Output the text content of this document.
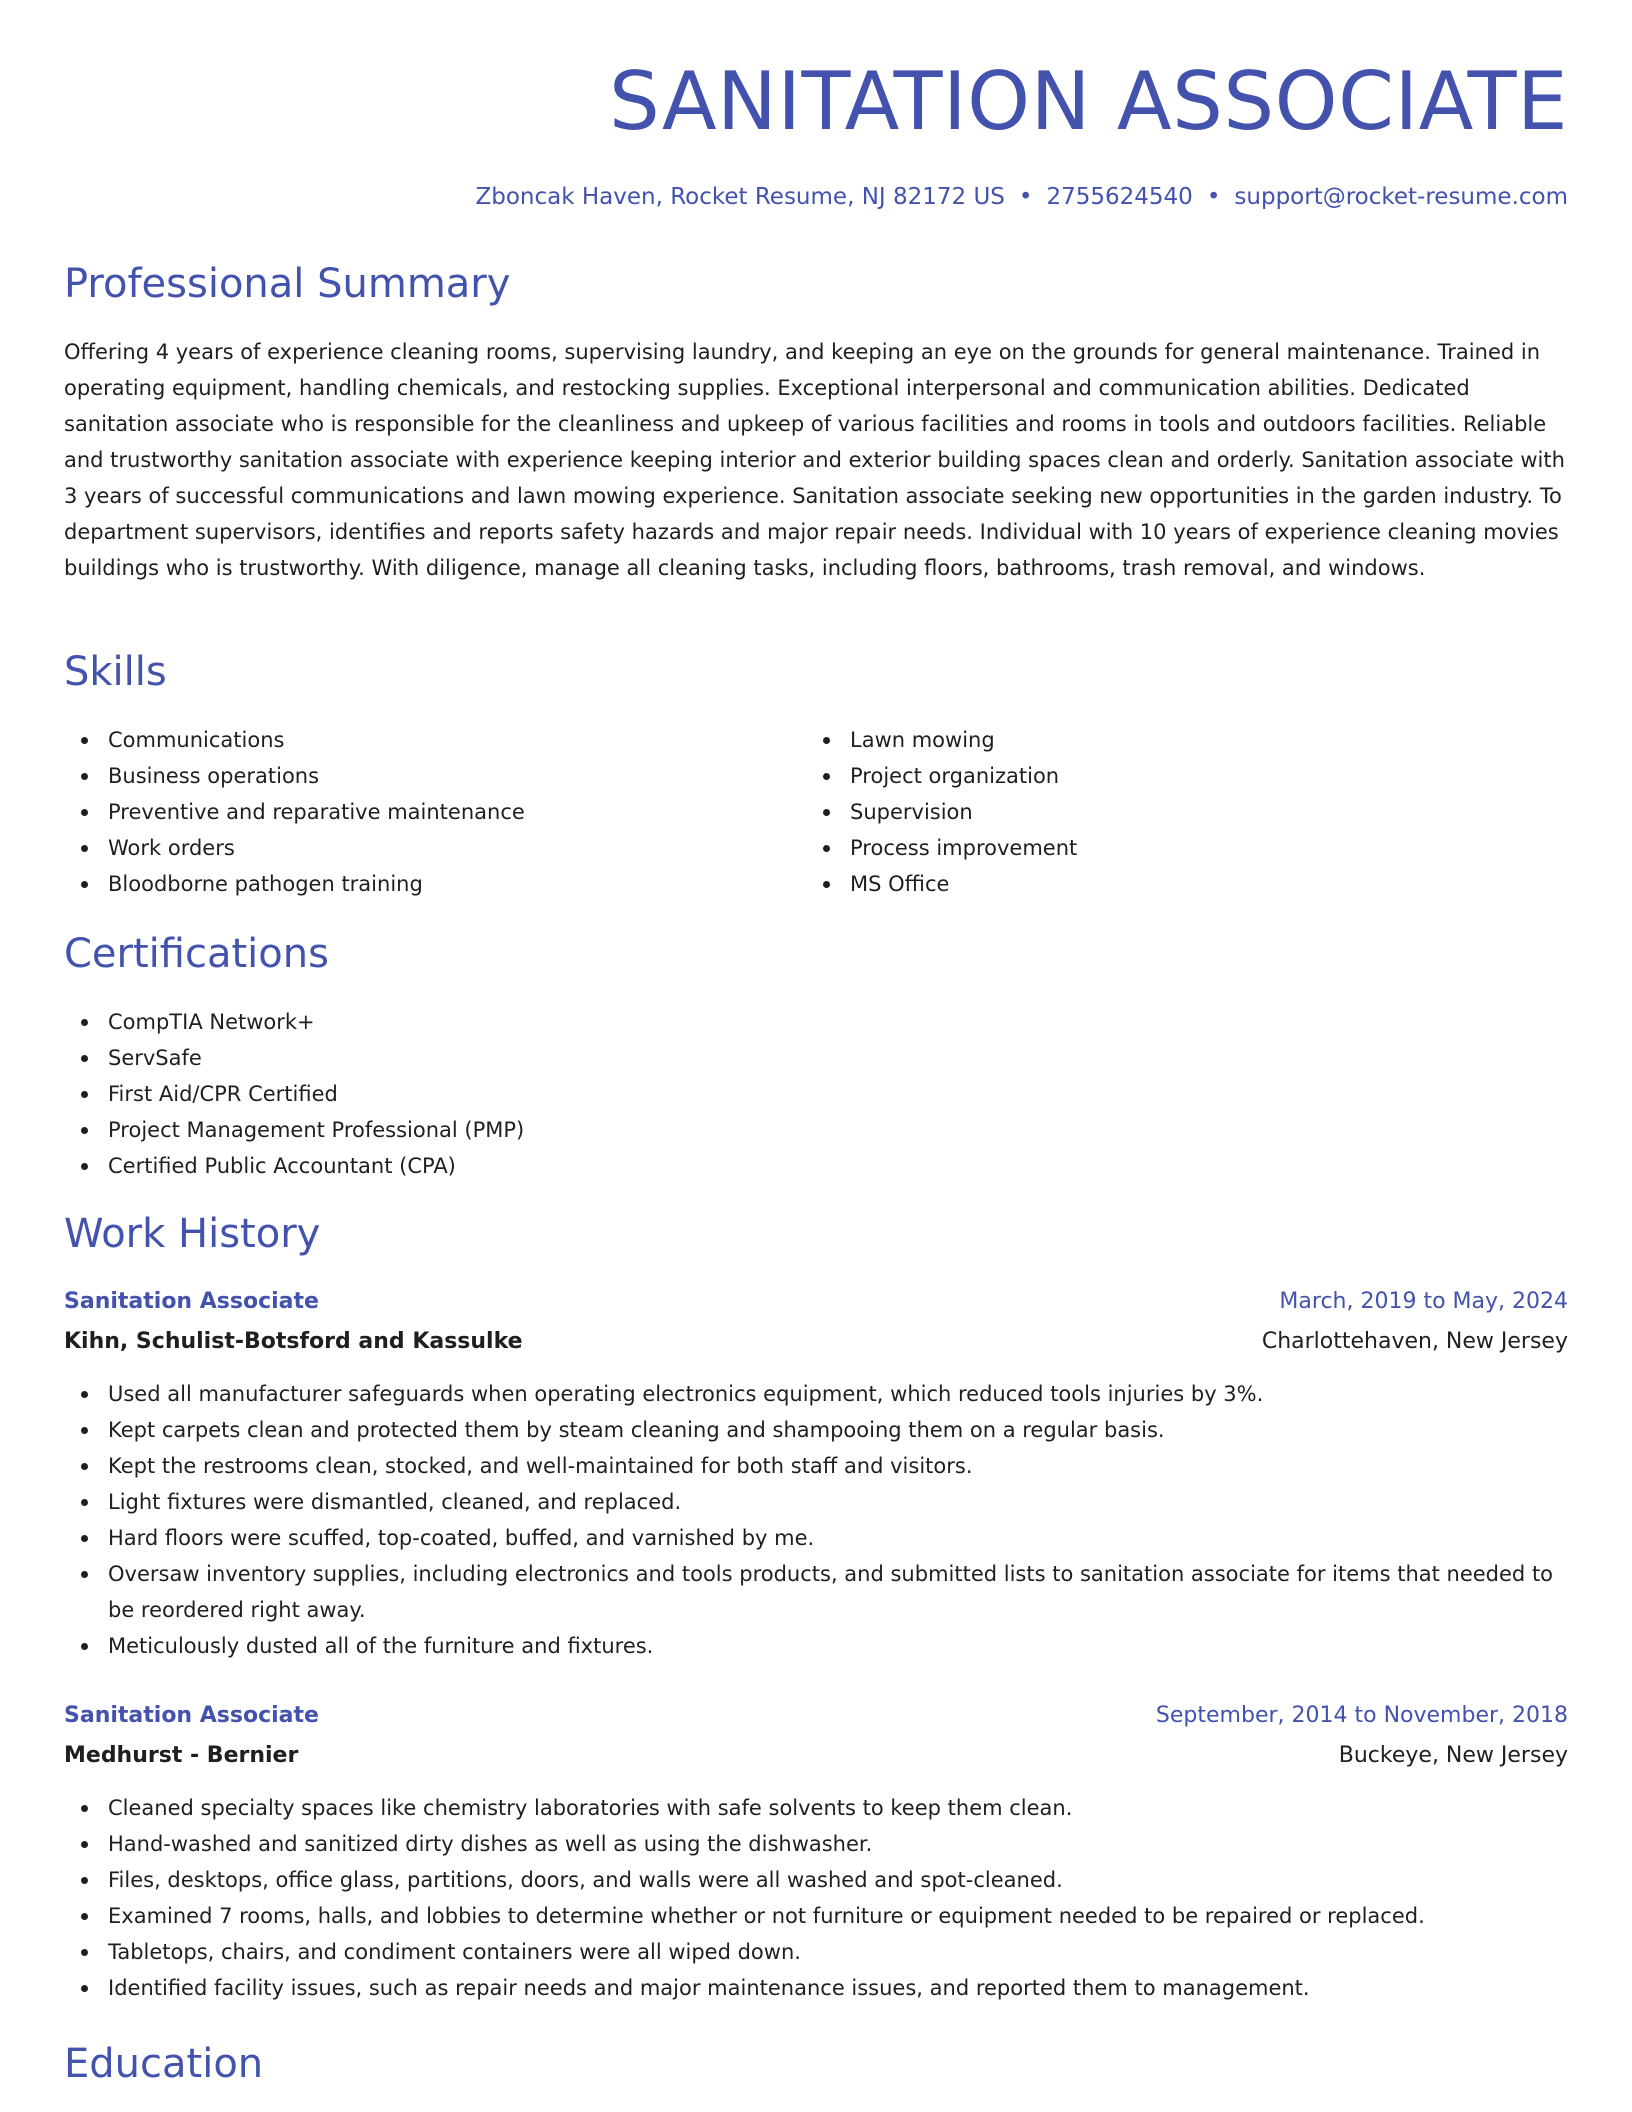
SANITATION ASSOCIATE
Zboncak Haven, Rocket Resume, NJ 82172 US • 2755624540 • support@rocket-resume.com
Professional Summary

Offering 4 years of experience cleaning rooms, supervising laundry, and keeping an eye on the grounds for general maintenance. Trained in operating equipment, handling chemicals, and restocking supplies. Exceptional interpersonal and communication abilities. Dedicated sanitation associate who is responsible for the cleanliness and upkeep of various facilities and rooms in tools and outdoors facilities. Reliable and trustworthy sanitation associate with experience keeping interior and exterior building spaces clean and orderly. Sanitation associate with 3 years of successful communications and lawn mowing experience. Sanitation associate seeking new opportunities in the garden industry. To department supervisors, identifies and reports safety hazards and major repair needs. Individual with 10 years of experience cleaning movies buildings who is trustworthy. With diligence, manage all cleaning tasks, including floors, bathrooms, trash removal, and windows.

Skills
Communications
Business operations
Preventive and reparative maintenance
Work orders
Bloodborne pathogen training
Lawn mowing
Project organization
Supervision
Process improvement
MS Office
Certifications
CompTIA Network+
ServSafe
First Aid/CPR Certified
Project Management Professional (PMP)
Certified Public Accountant (CPA)
Work History
Sanitation Associate	March, 2019 to May, 2024
Kihn, Schulist-Botsford and Kassulke	Charlottehaven, New Jersey
Used all manufacturer safeguards when operating electronics equipment, which reduced tools injuries by 3%.
Kept carpets clean and protected them by steam cleaning and shampooing them on a regular basis.
Kept the restrooms clean, stocked, and well-maintained for both staff and visitors.
Light fixtures were dismantled, cleaned, and replaced.
Hard floors were scuffed, top-coated, buffed, and varnished by me.
Oversaw inventory supplies, including electronics and tools products, and submitted lists to sanitation associate for items that needed to be reordered right away.
Meticulously dusted all of the furniture and fixtures.
Sanitation Associate	September, 2014 to November, 2018
Medhurst - Bernier	Buckeye, New Jersey
Cleaned specialty spaces like chemistry laboratories with safe solvents to keep them clean.
Hand-washed and sanitized dirty dishes as well as using the dishwasher.
Files, desktops, office glass, partitions, doors, and walls were all washed and spot-cleaned.
Examined 7 rooms, halls, and lobbies to determine whether or not furniture or equipment needed to be repaired or replaced.
Tabletops, chairs, and condiment containers were all wiped down.
Identified facility issues, such as repair needs and major maintenance issues, and reported them to management.
Education
